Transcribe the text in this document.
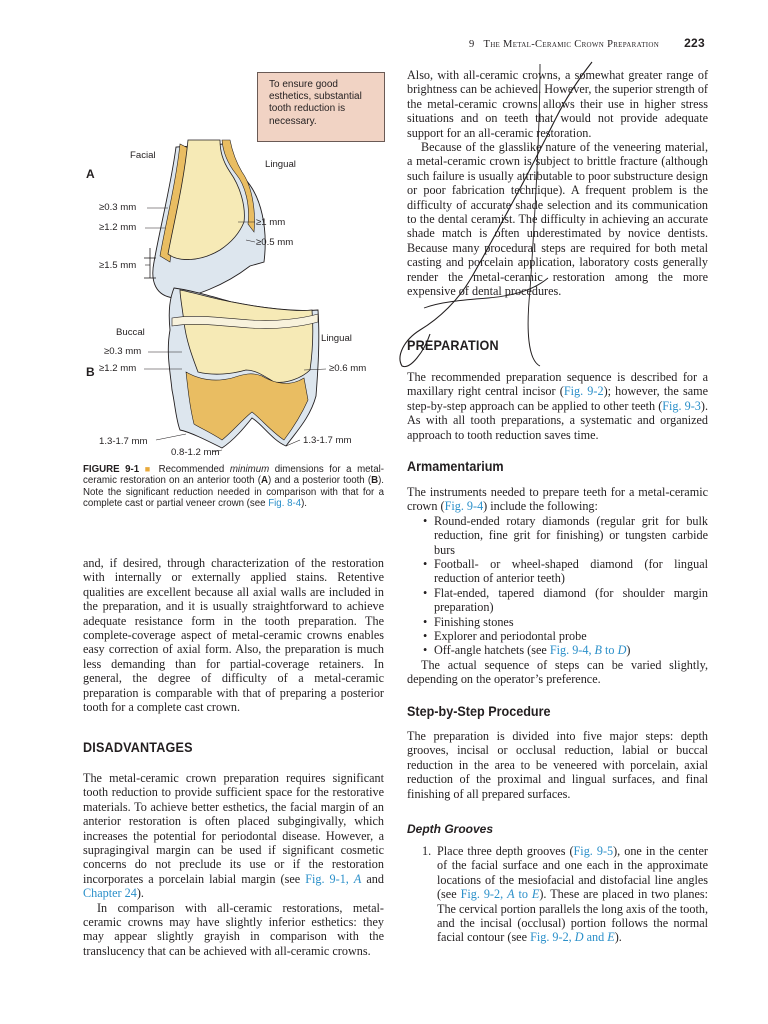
9 The Metal-Ceramic Crown Preparation 223
To ensure good esthetics, substantial tooth reduction is necessary.
A
Facial
Lingual
≥0.3 mm
≥1.2 mm
≥1.5 mm
≥1 mm
≥0.5 mm
B
Buccal
Lingual
≥0.3 mm
≥1.2 mm	≥0.6 mm
1.3-1.7 mm	1.3-1.7 mm
0.8-1.2 mm
FIGURE 9-1 ■ Recommended minimum dimensions for a metal-ceramic restoration on an anterior tooth (A) and a posterior tooth (B). Note the significant reduction needed in comparison with that for a complete cast or partial veneer crown (see Fig. 8-4).

and, if desired, through characterization of the restoration with internally or externally applied stains. Retentive qualities are excellent because all axial walls are included in the preparation, and it is usually straightforward to achieve adequate resistance form in the tooth preparation. The complete-coverage aspect of metal-ceramic crowns enables easy correction of axial form. Also, the preparation is much less demanding than for partial-coverage retainers. In general, the degree of difficulty of a metal-ceramic preparation is comparable with that of preparing a posterior tooth for a complete cast crown.

DISADVANTAGES

The metal-ceramic crown preparation requires significant tooth reduction to provide sufficient space for the restorative materials. To achieve better esthetics, the facial margin of an anterior restoration is often placed subgingivally, which increases the potential for periodontal disease. However, a supragingival margin can be used if significant cosmetic concerns do not preclude its use or if the restoration incorporates a porcelain labial margin (see Fig. 9-1, A and Chapter 24).

In comparison with all-ceramic restorations, metal-ceramic crowns may have slightly inferior esthetics: they may appear slightly grayish in comparison with the translucency that can be achieved with all-ceramic crowns.

Also, with all-ceramic crowns, a somewhat greater range of brightness can be achieved. However, the superior strength of the metal-ceramic crowns allows their use in higher stress situations and on teeth that would not provide adequate support for an all-ceramic restoration.

Because of the glasslike nature of the veneering material, a metal-ceramic crown is subject to brittle fracture (although such failure is usually attributable to poor substructure design or poor fabrication technique). A frequent problem is the difficulty of accurate shade selection and its communication to the dental ceramist. The difficulty in achieving an accurate shade match is often underestimated by novice dentists. Because many procedural steps are required for both metal casting and porcelain application, laboratory costs generally render the metal-ceramic restoration among the more expensive of dental procedures.

PREPARATION

The recommended preparation sequence is described for a maxillary right central incisor (Fig. 9-2); however, the same step-by-step approach can be applied to other teeth (Fig. 9-3). As with all tooth preparations, a systematic and organized approach to tooth reduction saves time.

Armamentarium

The instruments needed to prepare teeth for a metal-ceramic crown (Fig. 9-4) include the following:

• Round-ended rotary diamonds (regular grit for bulk reduction, fine grit for finishing) or tungsten carbide burs
• Football- or wheel-shaped diamond (for lingual reduction of anterior teeth)
• Flat-ended, tapered diamond (for shoulder margin preparation)
• Finishing stones
• Explorer and periodontal probe
• Off-angle hatchets (see Fig. 9-4, B to D)

The actual sequence of steps can be varied slightly, depending on the operator’s preference.

Step-by-Step Procedure

The preparation is divided into five major steps: depth grooves, incisal or occlusal reduction, labial or buccal reduction in the area to be veneered with porcelain, axial reduction of the proximal and lingual surfaces, and final finishing of all prepared surfaces.

Depth Grooves
1. Place three depth grooves (Fig. 9-5), one in the center of the facial surface and one each in the approximate locations of the mesiofacial and distofacial line angles (see Fig. 9-2, A to E). These are placed in two planes: The cervical portion parallels the long axis of the tooth, and the incisal (occlusal) portion follows the normal facial contour (see Fig. 9-2, D and E).
